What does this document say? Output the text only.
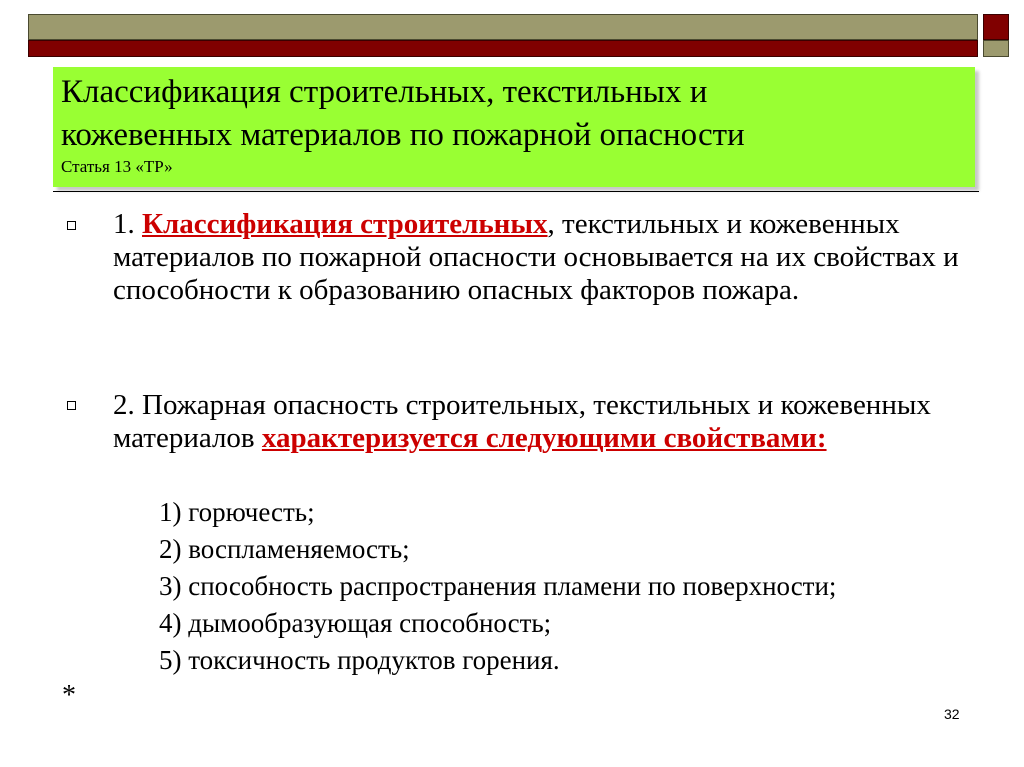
Классификация строительных, текстильных и
кожевенных материалов по пожарной опасности
Статья 13 «ТР»
1. Классификация строительных, текстильных и кожевенных материалов по пожарной опасности основывается на их свойствах и способности к образованию опасных факторов пожара.
2. Пожарная опасность строительных, текстильных и кожевенных материалов характеризуется следующими свойствами:
1) горючесть;
2) воспламеняемость;
3) способность распространения пламени по поверхности;
4) дымообразующая способность;
5) токсичность продуктов горения.
*
32
